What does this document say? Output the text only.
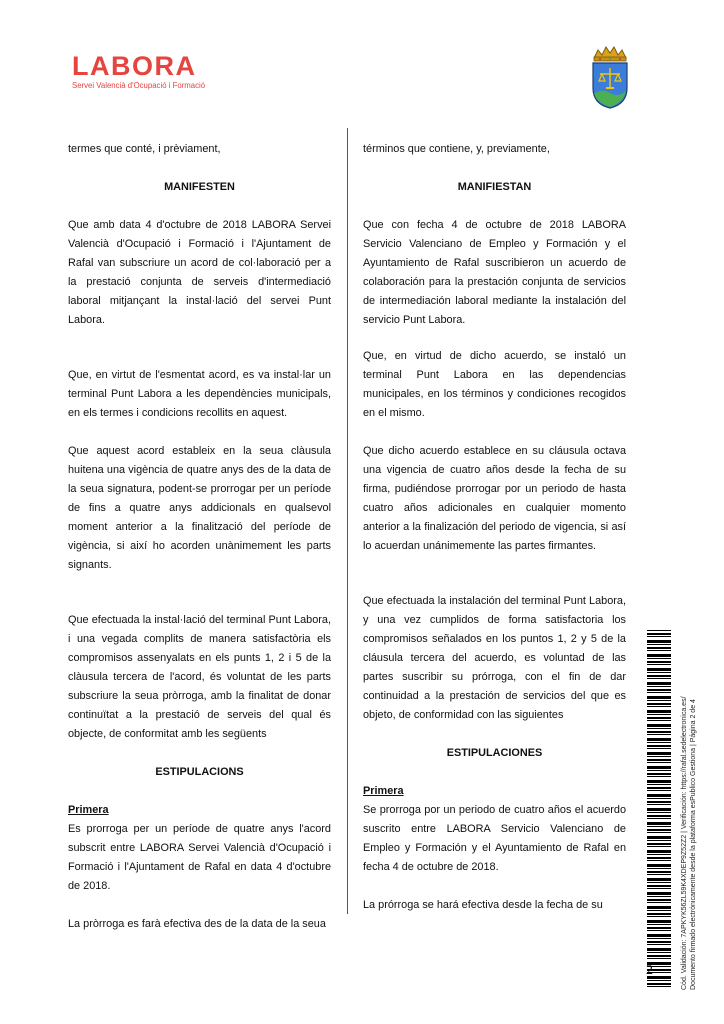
LABORA
Servei Valencià d'Ocupació i Formació

termes que conté, i prèviament,

MANIFESTEN

Que amb data 4 d'octubre de 2018 LABORA Servei Valencià d'Ocupació i Formació i l'Ajuntament de Rafal van subscriure un acord de col·laboració per a la prestació conjunta de serveis d'intermediació laboral mitjançant la instal·lació del servei Punt Labora.

Que, en virtut de l'esmentat acord, es va instal·lar un terminal Punt Labora a les dependències municipals, en els termes i condicions recollits en aquest.

Que aquest acord estableix en la seua clàusula huitena una vigència de quatre anys des de la data de la seua signatura, podent-se prorrogar per un període de fins a quatre anys addicionals en qualsevol moment anterior a la finalització del període de vigència, si així ho acorden unànimement les parts signants.

Que efectuada la instal·lació del terminal Punt Labora, i una vegada complits de manera satisfactòria els compromisos assenyalats en els punts 1, 2 i 5 de la clàusula tercera de l'acord, és voluntat de les parts subscriure la seua pròrroga, amb la finalitat de donar continuïtat a la prestació de serveis del qual és objecte, de conformitat amb les següents

ESTIPULACIONS
Primera

Es prorroga per un període de quatre anys l'acord subscrit entre LABORA Servei Valencià d'Ocupació i Formació i l'Ajuntament de Rafal en data 4 d'octubre de 2018.

La pròrroga es farà efectiva des de la data de la seua

términos que contiene, y, previamente,

MANIFIESTAN

Que con fecha 4 de octubre de 2018 LABORA Servicio Valenciano de Empleo y Formación y el Ayuntamiento de Rafal suscribieron un acuerdo de colaboración para la prestación conjunta de servicios de intermediación laboral mediante la instalación del servicio Punt Labora.

Que, en virtud de dicho acuerdo, se instaló un terminal Punt Labora en las dependencias municipales, en los términos y condiciones recogidos en el mismo.

Que dicho acuerdo establece en su cláusula octava una vigencia de cuatro años desde la fecha de su firma, pudiéndose prorrogar por un periodo de hasta cuatro años adicionales en cualquier momento anterior a la finalización del periodo de vigencia, si así lo acuerdan unánimemente las partes firmantes.

Que efectuada la instalación del terminal Punt Labora, y una vez cumplidos de forma satisfactoria los compromisos señalados en los puntos 1, 2 y 5 de la cláusula tercera del acuerdo, es voluntad de las partes suscribir su prórroga, con el fin de dar continuidad a la prestación de servicios del que es objeto, de conformidad con las siguientes

ESTIPULACIONES
Primera

Se prorroga por un periodo de cuatro años el acuerdo suscrito entre LABORA Servicio Valenciano de Empleo y Formación y el Ayuntamiento de Rafal en fecha 4 de octubre de 2018.

La prórroga se hará efectiva desde la fecha de su	Cód. Validación: 7APKYK56ZL59K4XDEP9Z52Z2 | Verificación: https://rafal.sedelectronica.es/ Documento firmado electrónicamente desde la plataforma esPublico Gestiona | Página 2 de 4
2
